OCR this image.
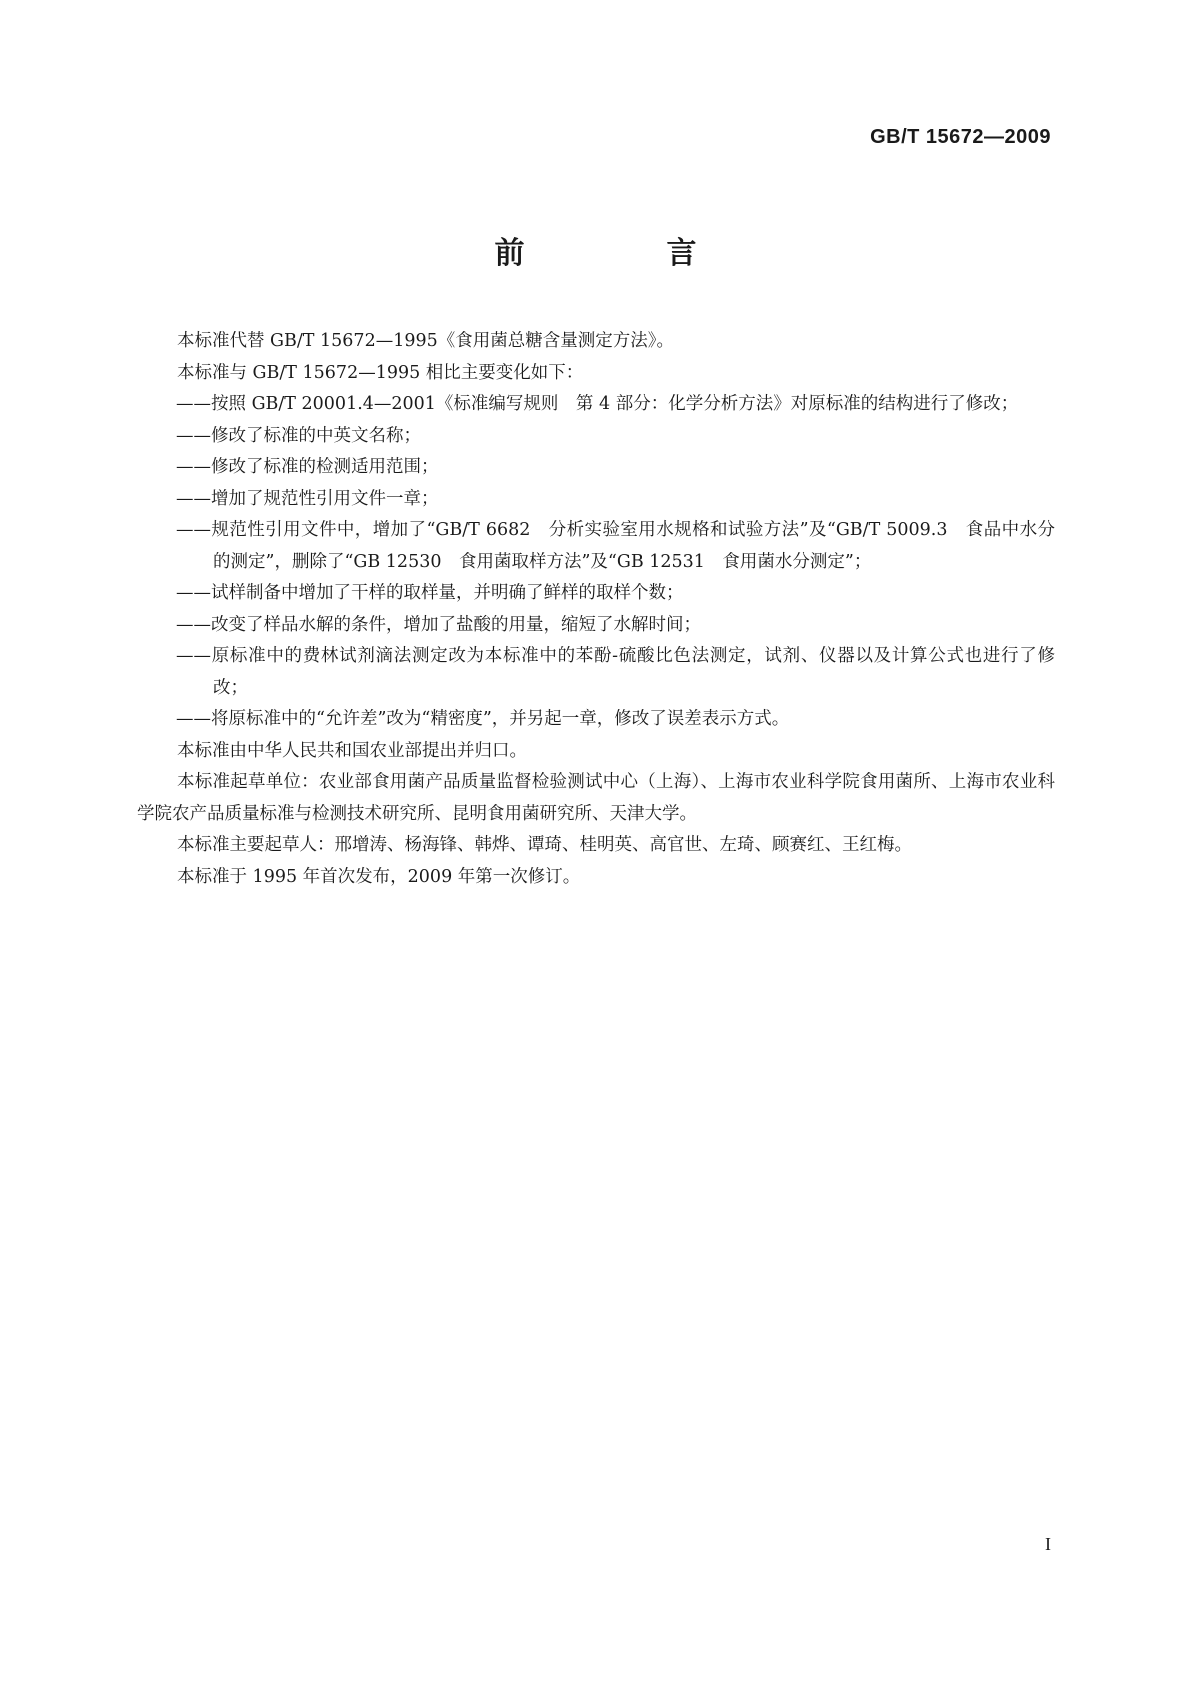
GB/T 15672—2009
前　言

本标准代替 GB/T 15672—1995《食用菌总糖含量测定方法》。

本标准与 GB/T 15672—1995 相比主要变化如下：

——按照 GB/T 20001.4—2001《标准编写规则　第 4 部分：化学分析方法》对原标准的结构进行了修改；

——修改了标准的中英文名称；

——修改了标准的检测适用范围；

——增加了规范性引用文件一章；

——规范性引用文件中，增加了“GB/T 6682　分析实验室用水规格和试验方法”及“GB/T 5009.3　食品中水分的测定”，删除了“GB 12530　食用菌取样方法”及“GB 12531　食用菌水分测定”；

——试样制备中增加了干样的取样量，并明确了鲜样的取样个数；

——改变了样品水解的条件，增加了盐酸的用量，缩短了水解时间；

——原标准中的费林试剂滴法测定改为本标准中的苯酚-硫酸比色法测定，试剂、仪器以及计算公式也进行了修改；

——将原标准中的“允许差”改为“精密度”，并另起一章，修改了误差表示方式。

本标准由中华人民共和国农业部提出并归口。

本标准起草单位：农业部食用菌产品质量监督检验测试中心（上海）、上海市农业科学院食用菌所、上海市农业科学院农产品质量标准与检测技术研究所、昆明食用菌研究所、天津大学。

本标准主要起草人：邢增涛、杨海锋、韩烨、谭琦、桂明英、高官世、左琦、顾赛红、王红梅。

本标准于 1995 年首次发布，2009 年第一次修订。

I
